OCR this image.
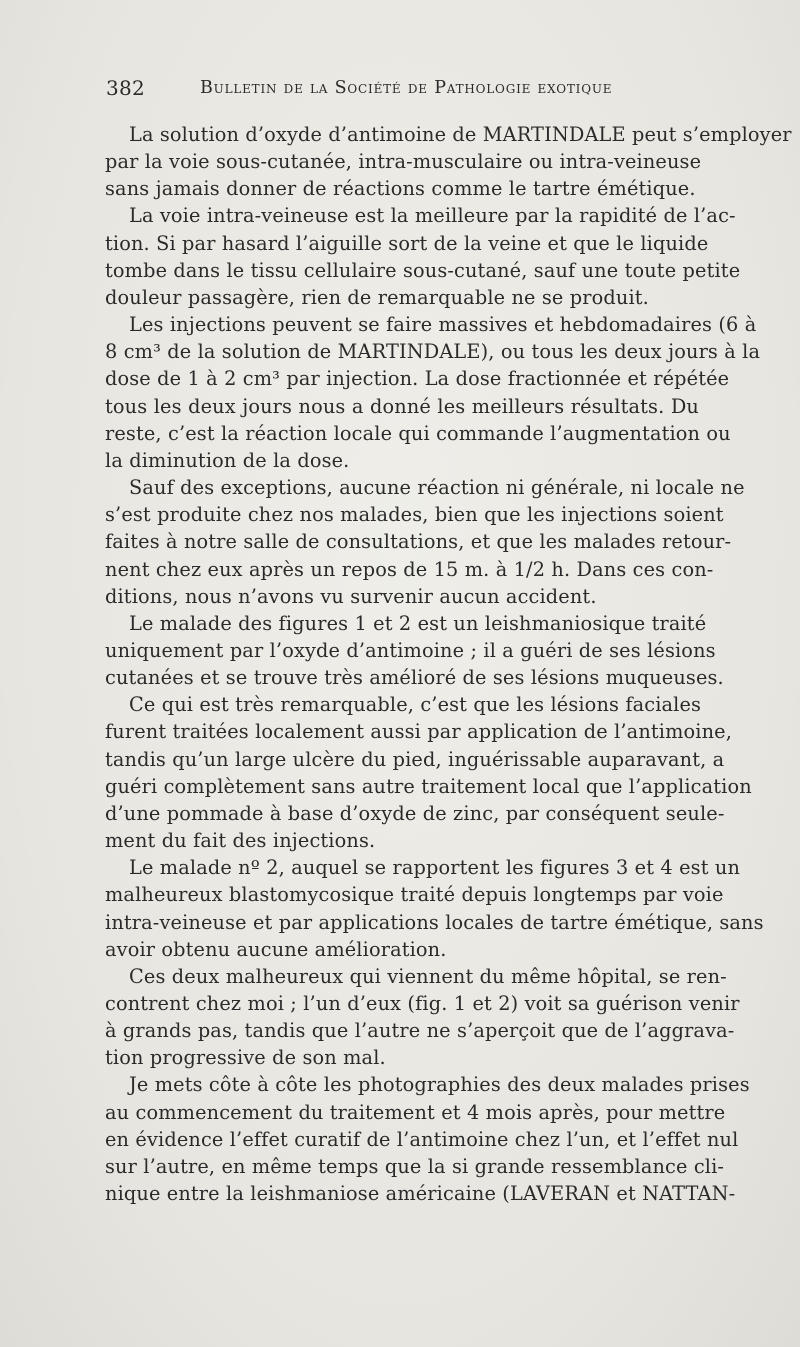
382	Bulletin de la Société de Pathologie exotique

La solution d’oxyde d’antimoine de MARTINDALE peut s’employer
par la voie sous-cutanée, intra-musculaire ou intra-veineuse
sans jamais donner de réactions comme le tartre émétique.

La voie intra-veineuse est la meilleure par la rapidité de l’ac-
tion. Si par hasard l’aiguille sort de la veine et que le liquide
tombe dans le tissu cellulaire sous-cutané, sauf une toute petite
douleur passagère, rien de remarquable ne se produit.

Les injections peuvent se faire massives et hebdomadaires (6 à
8 cm³ de la solution de MARTINDALE), ou tous les deux jours à la
dose de 1 à 2 cm³ par injection. La dose fractionnée et répétée
tous les deux jours nous a donné les meilleurs résultats. Du
reste, c’est la réaction locale qui commande l’augmentation ou
la diminution de la dose.

Sauf des exceptions, aucune réaction ni générale, ni locale ne
s’est produite chez nos malades, bien que les injections soient
faites à notre salle de consultations, et que les malades retour-
nent chez eux après un repos de 15 m. à 1/2 h. Dans ces con-
ditions, nous n’avons vu survenir aucun accident.

Le malade des figures 1 et 2 est un leishmaniosique traité
uniquement par l’oxyde d’antimoine ; il a guéri de ses lésions
cutanées et se trouve très amélioré de ses lésions muqueuses.

Ce qui est très remarquable, c’est que les lésions faciales
furent traitées localement aussi par application de l’antimoine,
tandis qu’un large ulcère du pied, inguérissable auparavant, a
guéri complètement sans autre traitement local que l’application
d’une pommade à base d’oxyde de zinc, par conséquent seule-
ment du fait des injections.

Le malade nº 2, auquel se rapportent les figures 3 et 4 est un
malheureux blastomycosique traité depuis longtemps par voie
intra-veineuse et par applications locales de tartre émétique, sans
avoir obtenu aucune amélioration.

Ces deux malheureux qui viennent du même hôpital, se ren-
contrent chez moi ; l’un d’eux (fig. 1 et 2) voit sa guérison venir
à grands pas, tandis que l’autre ne s’aperçoit que de l’aggrava-
tion progressive de son mal.

Je mets côte à côte les photographies des deux malades prises
au commencement du traitement et 4 mois après, pour mettre
en évidence l’effet curatif de l’antimoine chez l’un, et l’effet nul
sur l’autre, en même temps que la si grande ressemblance cli-
nique entre la leishmaniose américaine (LAVERAN et NATTAN-
